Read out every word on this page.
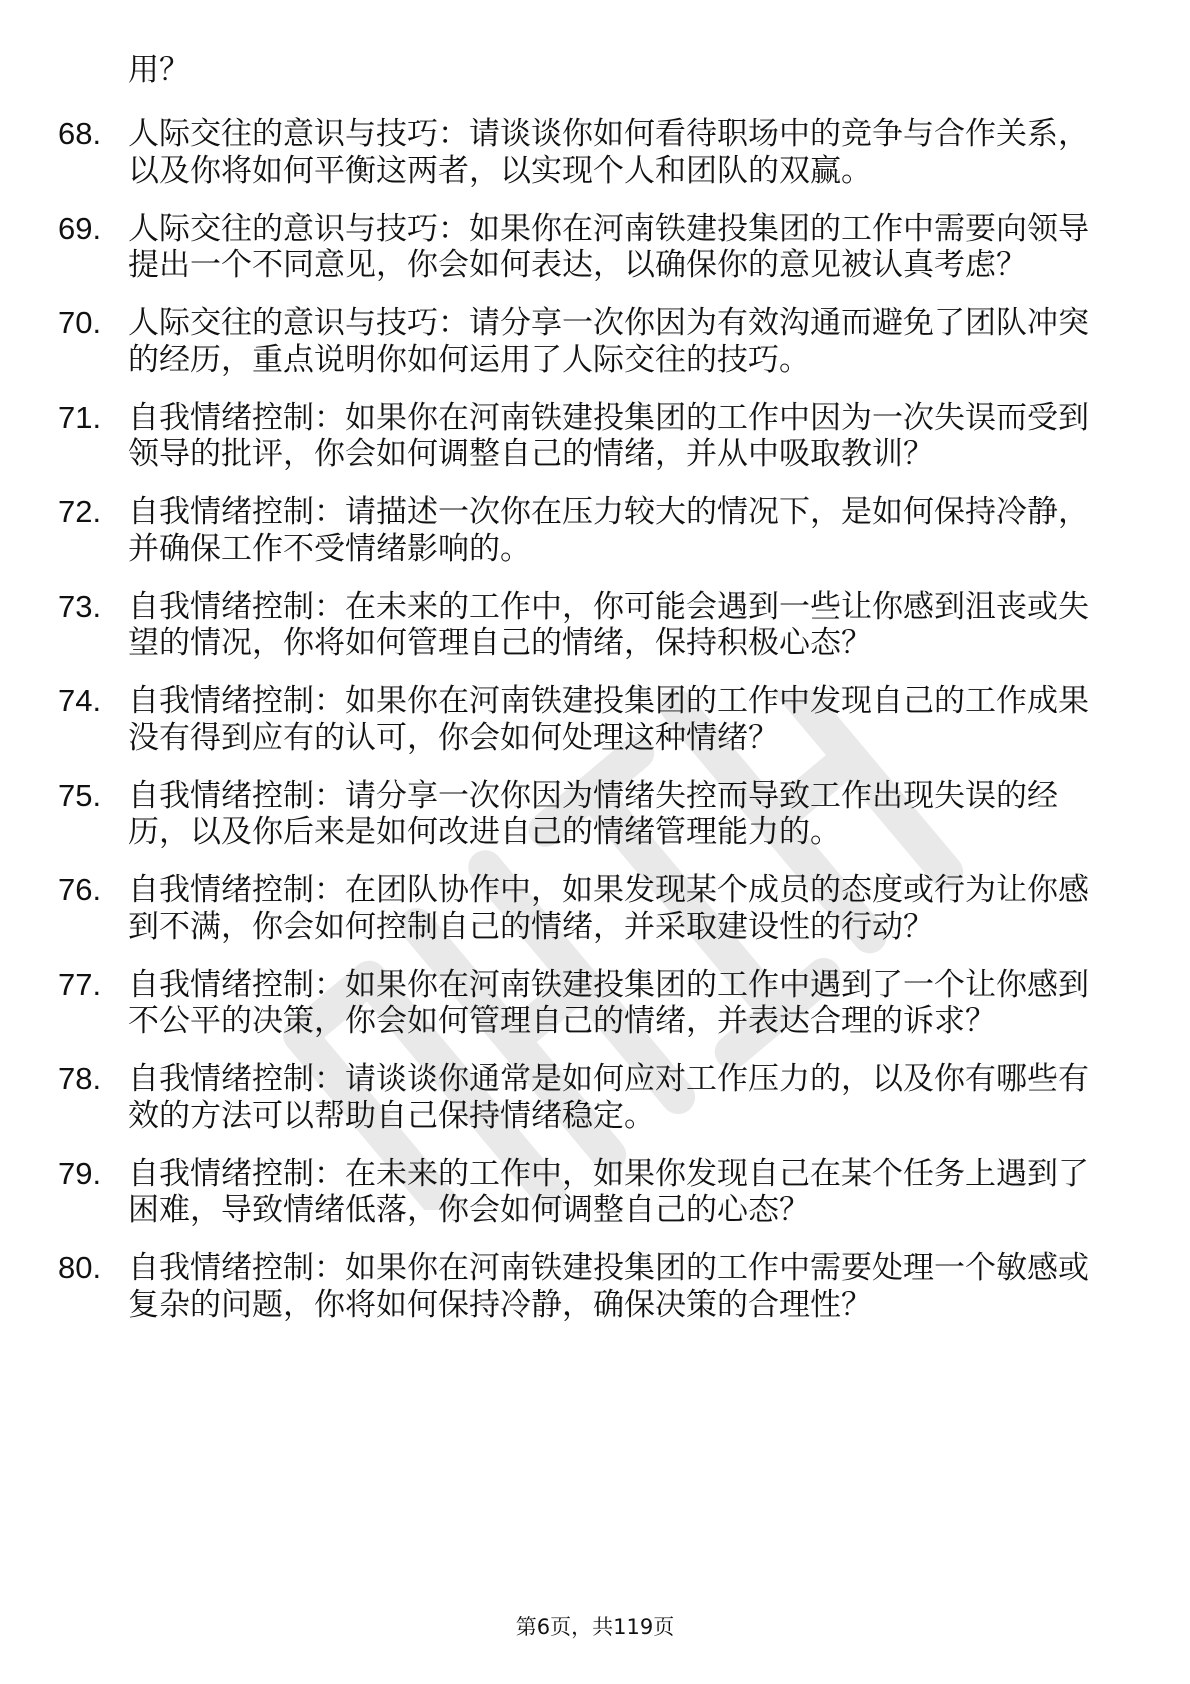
用？
68. 人际交往的意识与技巧：请谈谈你如何看待职场中的竞争与合作关系，以及你将如何平衡这两者，以实现个人和团队的双赢。
69. 人际交往的意识与技巧：如果你在河南铁建投集团的工作中需要向领导提出一个不同意见，你会如何表达，以确保你的意见被认真考虑？
70. 人际交往的意识与技巧：请分享一次你因为有效沟通而避免了团队冲突的经历，重点说明你如何运用了人际交往的技巧。
71. 自我情绪控制：如果你在河南铁建投集团的工作中因为一次失误而受到领导的批评，你会如何调整自己的情绪，并从中吸取教训？
72. 自我情绪控制：请描述一次你在压力较大的情况下，是如何保持冷静，并确保工作不受情绪影响的。
73. 自我情绪控制：在未来的工作中，你可能会遇到一些让你感到沮丧或失望的情况，你将如何管理自己的情绪，保持积极心态？
74. 自我情绪控制：如果你在河南铁建投集团的工作中发现自己的工作成果没有得到应有的认可，你会如何处理这种情绪？
75. 自我情绪控制：请分享一次你因为情绪失控而导致工作出现失误的经历，以及你后来是如何改进自己的情绪管理能力的。
76. 自我情绪控制：在团队协作中，如果发现某个成员的态度或行为让你感到不满，你会如何控制自己的情绪，并采取建设性的行动？
77. 自我情绪控制：如果你在河南铁建投集团的工作中遇到了一个让你感到不公平的决策，你会如何管理自己的情绪，并表达合理的诉求？
78. 自我情绪控制：请谈谈你通常是如何应对工作压力的，以及你有哪些有效的方法可以帮助自己保持情绪稳定。
79. 自我情绪控制：在未来的工作中，如果你发现自己在某个任务上遇到了困难，导致情绪低落，你会如何调整自己的心态？
80. 自我情绪控制：如果你在河南铁建投集团的工作中需要处理一个敏感或复杂的问题，你将如何保持冷静，确保决策的合理性？
第6页，共119页
